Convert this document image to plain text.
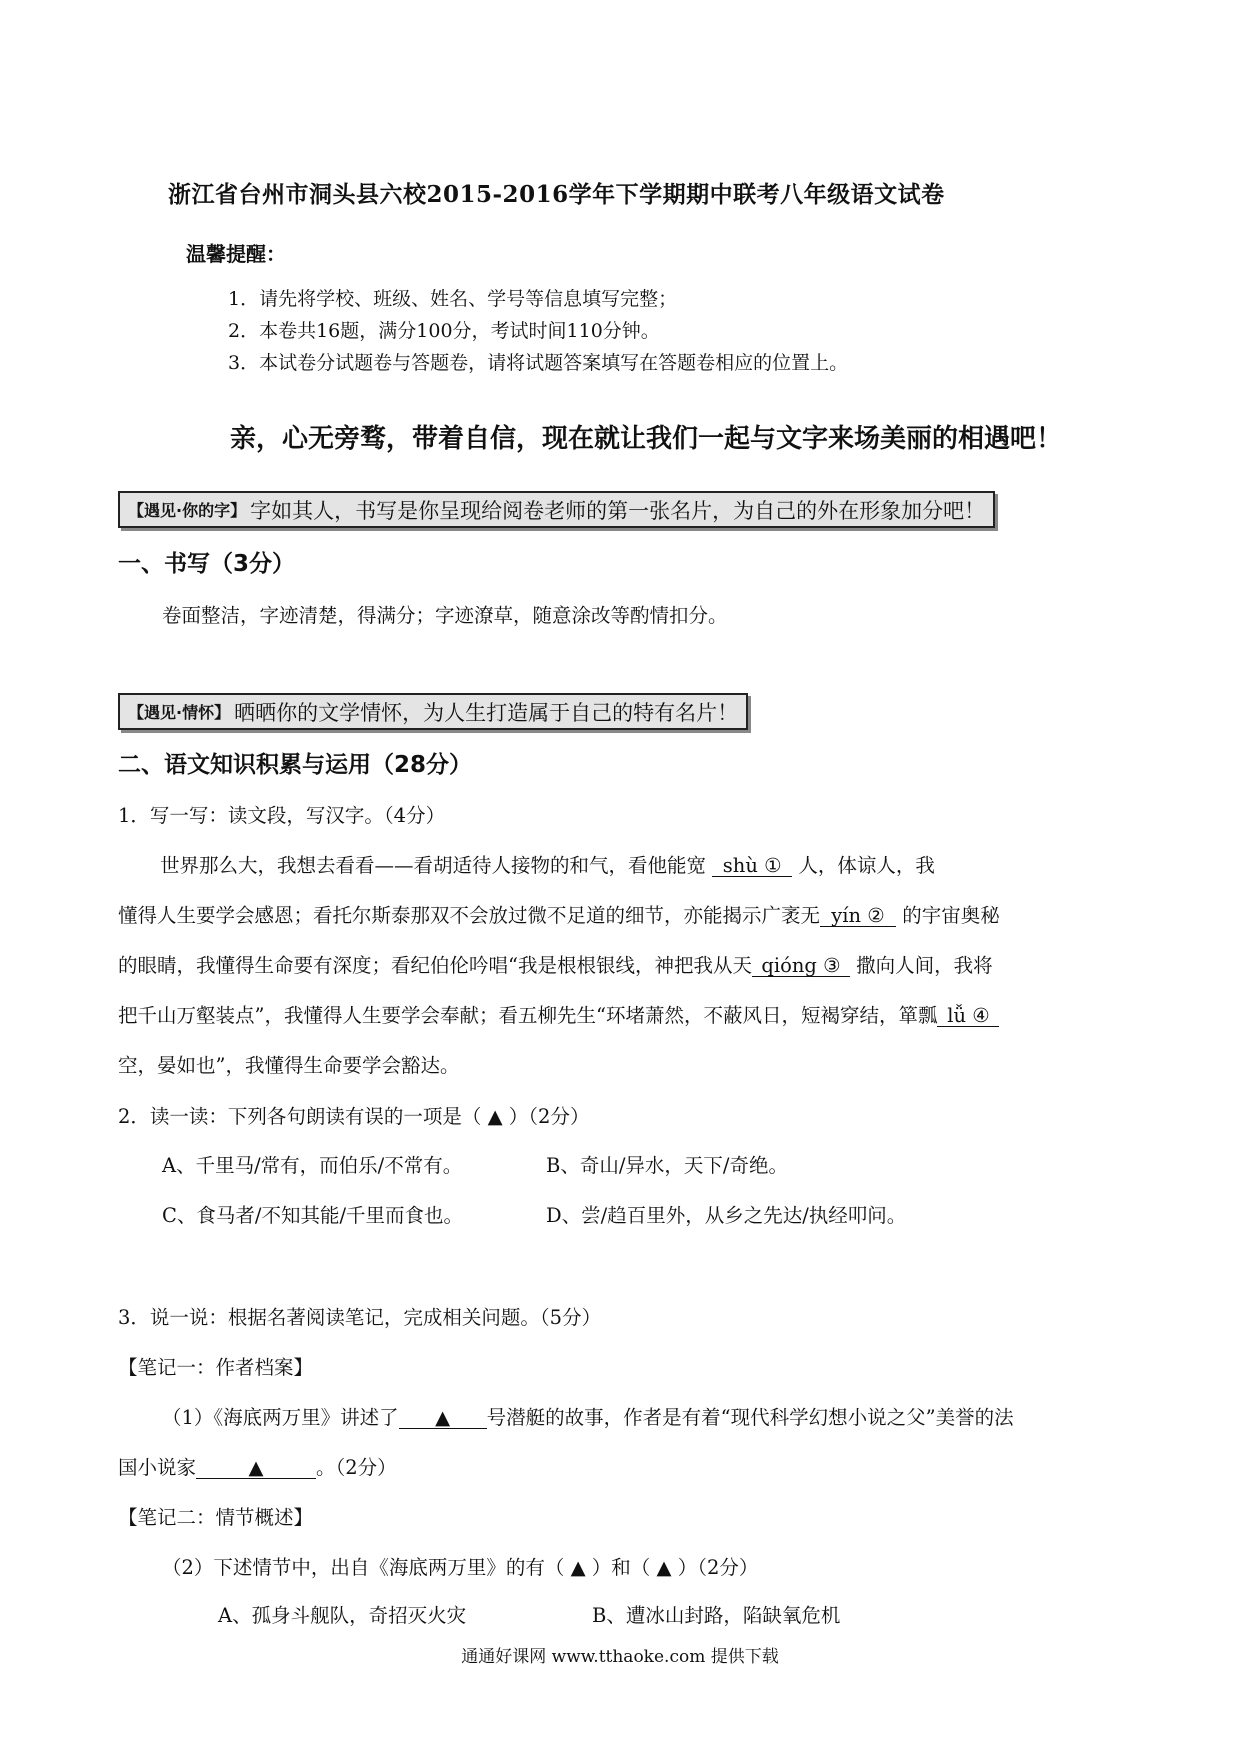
浙江省台州市洞头县六校2015-2016学年下学期期中联考八年级语文试卷
温馨提醒：
1．请先将学校、班级、姓名、学号等信息填写完整；
2．本卷共16题，满分100分，考试时间110分钟。
3．本试卷分试题卷与答题卷，请将试题答案填写在答题卷相应的位置上。
亲，心无旁骛，带着自信，现在就让我们一起与文字来场美丽的相遇吧！
【遇见·你的字】 字如其人，书写是你呈现给阅卷老师的第一张名片，为自己的外在形象加分吧！
一、书写（3分）
卷面整洁，字迹清楚，得满分；字迹潦草，随意涂改等酌情扣分。
【遇见·情怀】 晒晒你的文学情怀，为人生打造属于自己的特有名片！
二、语文知识积累与运用（28分）
1．写一写：读文段，写汉字。（4分）
世界那么大，我想去看看——看胡适待人接物的和气，看他能宽 shù ① 人，体谅人，我
懂得人生要学会感恩；看托尔斯泰那双不会放过微不足道的细节，亦能揭示广袤无 yín ② 的宇宙奥秘
的眼睛，我懂得生命要有深度；看纪伯伦吟唱“我是根根银线，神把我从天 qióng ③ 撒向人间，我将
把千山万壑装点”，我懂得人生要学会奉献；看五柳先生“环堵萧然，不蔽风日，短褐穿结，箪瓢 lǚ ④
空，晏如也”，我懂得生命要学会豁达。
2．读一读：下列各句朗读有误的一项是（ ▲ ）（2分）
A、千里马/常有，而伯乐/不常有。	B、奇山/异水，天下/奇绝。
C、食马者/不知其能/千里而食也。	D、尝/趋百里外，从乡之先达/执经叩问。
3．说一说：根据名著阅读笔记，完成相关问题。（5分）
【笔记一：作者档案】
（1）《海底两万里》讲述了 ▲ 号潜艇的故事，作者是有着“现代科学幻想小说之父”美誉的法
国小说家	▲	。（2分）
【笔记二：情节概述】
（2）下述情节中，出自《海底两万里》的有（ ▲ ）和（ ▲ ）（2分）
A、孤身斗舰队，奇招灭火灾	B、遭冰山封路，陷缺氧危机
通通好课网 www.tthaoke.com 提供下载
